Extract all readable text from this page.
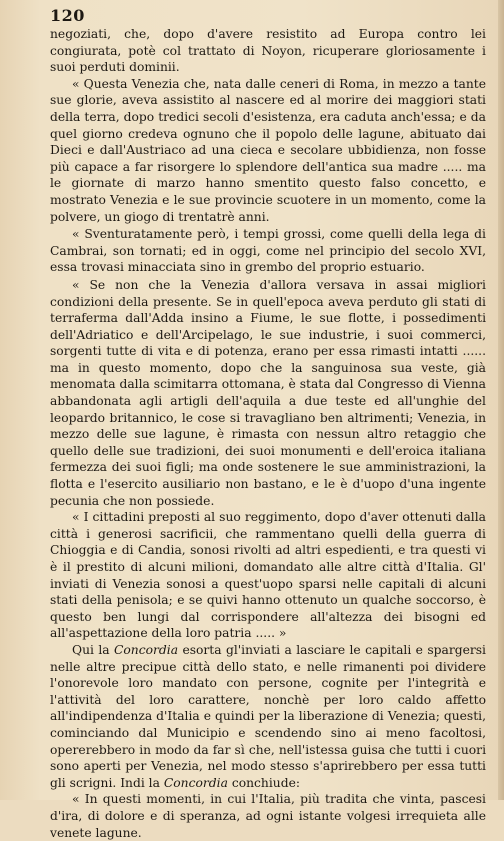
120

negoziati, che, dopo d'avere resistito ad Europa contro lei congiurata, potè col trattato di Noyon, ricuperare gloriosamente i suoi perduti dominii.

« Questa Venezia che, nata dalle ceneri di Roma, in mezzo a tante sue glorie, aveva assistito al nascere ed al morire dei maggiori stati della terra, dopo tredici secoli d'esistenza, era caduta anch'essa; e da quel giorno credeva ognuno che il popolo delle lagune, abituato dai Dieci e dall'Austriaco ad una cieca e secolare ubbidienza, non fosse più capace a far risorgere lo splendore dell'antica sua madre ..... ma le giornate di marzo hanno smentito questo falso concetto, e mostrato Venezia e le sue provincie scuotere in un momento, come la polvere, un giogo di trentatrè anni.

« Sventuratamente però, i tempi grossi, come quelli della lega di Cambrai, son tornati; ed in oggi, come nel principio del secolo XVI, essa trovasi minacciata sino in grembo del proprio estuario.

« Se non che la Venezia d'allora versava in assai migliori condizioni della presente. Se in quell'epoca aveva perduto gli stati di terraferma dall'Adda insino a Fiume, le sue flotte, i possedimenti dell'Adriatico e dell'Arcipelago, le sue industrie, i suoi commerci, sorgenti tutte di vita e di potenza, erano per essa rimasti intatti ...... ma in questo momento, dopo che la sanguinosa sua veste, già menomata dalla scimitarra ottomana, è stata dal Congresso di Vienna abbandonata agli artigli dell'aquila a due teste ed all'unghie del leopardo britannico, le cose si travagliano ben altrimenti; Venezia, in mezzo delle sue lagune, è rimasta con nessun altro retaggio che quello delle sue tradizioni, dei suoi monumenti e dell'eroica italiana fermezza dei suoi figli; ma onde sostenere le sue amministrazioni, la flotta e l'esercito ausiliario non bastano, e le è d'uopo d'una ingente pecunia che non possiede.

« I cittadini preposti al suo reggimento, dopo d'aver ottenuti dalla città i generosi sacrificii, che rammentano quelli della guerra di Chioggia e di Candia, sonosi rivolti ad altri espedienti, e tra questi vi è il prestito di alcuni milioni, domandato alle altre città d'Italia. Gl' inviati di Venezia sonosi a quest'uopo sparsi nelle capitali di alcuni stati della penisola; e se quivi hanno ottenuto un qualche soccorso, è questo ben lungi dal corrispondere all'altezza dei bisogni ed all'aspettazione della loro patria ..... »

Qui la Concordia esorta gl'inviati a lasciare le capitali e spargersi nelle altre precipue città dello stato, e nelle rimanenti poi dividere l'onorevole loro mandato con persone, cognite per l'integrità e l'attività del loro carattere, nonchè per loro caldo affetto all'indipendenza d'Italia e quindi per la liberazione di Venezia; questi, cominciando dal Municipio e scendendo sino ai meno facoltosi, opererebbero in modo da far sì che, nell'istessa guisa che tutti i cuori sono aperti per Venezia, nel modo stesso s'aprirebbero per essa tutti gli scrigni. Indi la Concordia conchiude:

« In questi momenti, in cui l'Italia, più tradita che vinta, pascesi d'ira, di dolore e di speranza, ad ogni istante volgesi irrequieta alle venete lagune.
